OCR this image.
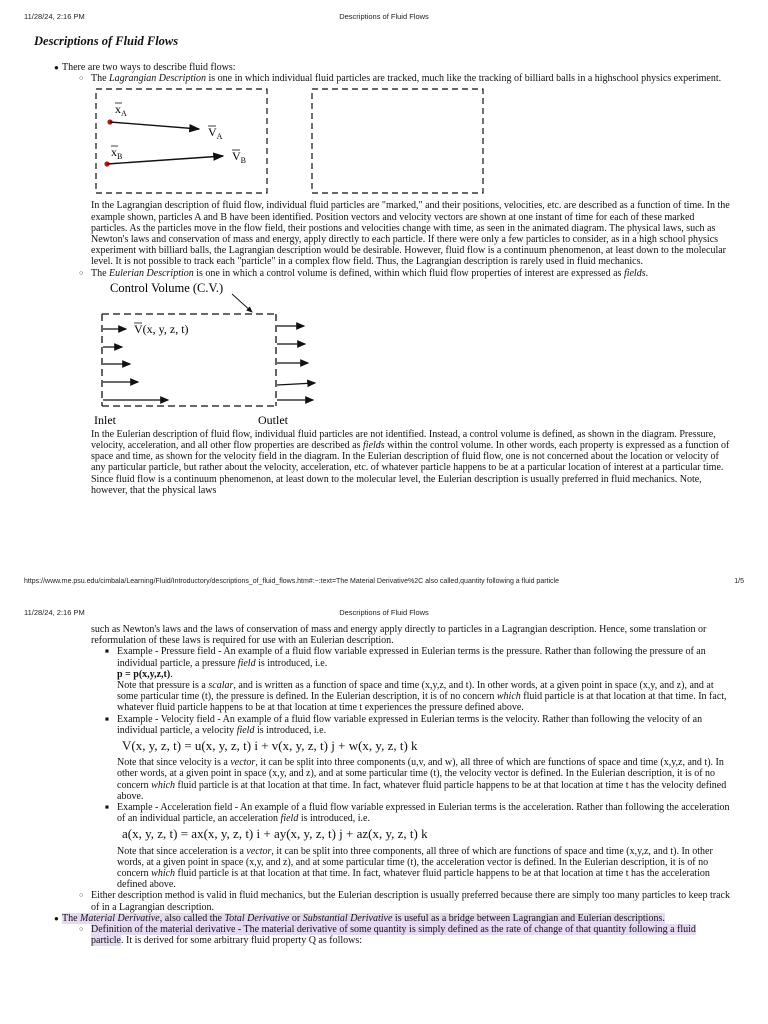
11/28/24, 2:16 PM	Descriptions of Fluid Flows
Descriptions of Fluid Flows
● There are two ways to describe fluid flows:
○ The Lagrangian Description is one in which individual fluid particles are tracked, much like the tracking of billiard balls in a highschool physics experiment.
$x_A$
$V_A$
$x_B$	$V_B$
In the Lagrangian description of fluid flow, individual fluid particles are "marked," and their positions, velocities, etc. are described as a function of time. In the example shown, particles A and B have been identified. Position vectors and velocity vectors are shown at one instant of time for each of these marked particles. As the particles move in the flow field, their postions and velocities change with time, as seen in the animated diagram. The physical laws, such as Newton's laws and conservation of mass and energy, apply directly to each particle. If there were only a few particles to consider, as in a high school physics experiment with billiard balls, the Lagrangian description would be desirable. However, fluid flow is a continuum phenomenon, at least down to the molecular level. It is not possible to track each "particle" in a complex flow field. Thus, the Lagrangian description is rarely used in fluid mechanics.
○ The Eulerian Description is one in which a control volume is defined, within which fluid flow properties of interest are expressed as fields.
Control Volume (C.V.)
V(x, y, z, t)
Inlet	Outlet
In the Eulerian description of fluid flow, individual fluid particles are not identified. Instead, a control volume is defined, as shown in the diagram. Pressure, velocity, acceleration, and all other flow properties are described as fields within the control volume. In other words, each property is expressed as a function of space and time, as shown for the velocity field in the diagram. In the Eulerian description of fluid flow, one is not concerned about the location or velocity of any particular particle, but rather about the velocity, acceleration, etc. of whatever particle happens to be at a particular location of interest at a particular time. Since fluid flow is a continuum phenomenon, at least down to the molecular level, the Eulerian description is usually preferred in fluid mechanics. Note, however, that the physical laws
https://www.me.psu.edu/cimbala/Learning/Fluid/Introductory/descriptions_of_fluid_flows.htm#:~:text=The Material Derivative%2C also called,quantity following a fluid particle	1/5
11/28/24, 2:16 PM	Descriptions of Fluid Flows
such as Newton's laws and the laws of conservation of mass and energy apply directly to particles in a Lagrangian description. Hence, some translation or reformulation of these laws is required for use with an Eulerian description.
■ Example - Pressure field - An example of a fluid flow variable expressed in Eulerian terms is the pressure. Rather than following the pressure of an individual particle, a pressure field is introduced, i.e.
p = p(x,y,z,t).
Note that pressure is a scalar, and is written as a function of space and time (x,y,z, and t). In other words, at a given point in space (x,y, and z), and at some particular time (t), the pressure is defined. In the Eulerian description, it is of no concern which fluid particle is at that location at that time. In fact, whatever fluid particle happens to be at that location at time t experiences the pressure defined above.
■ Example - Velocity field - An example of a fluid flow variable expressed in Eulerian terms is the velocity. Rather than following the velocity of an individual particle, a velocity field is introduced, i.e.
V(x, y, z, t) = u(x, y, z, t) i + v(x, y, z, t) j + w(x, y, z, t) k
Note that since velocity is a vector, it can be split into three components (u,v, and w), all three of which are functions of space and time (x,y,z, and t). In other words, at a given point in space (x,y, and z), and at some particular time (t), the velocity vector is defined. In the Eulerian description, it is of no concern which fluid particle is at that location at that time. In fact, whatever fluid particle happens to be at that location at time t has the velocity defined above.
■ Example - Acceleration field - An example of a fluid flow variable expressed in Eulerian terms is the acceleration. Rather than following the acceleration of an individual particle, an acceleration field is introduced, i.e.
a(x, y, z, t) = ax(x, y, z, t) i + ay(x, y, z, t) j + az(x, y, z, t) k
Note that since acceleration is a vector, it can be split into three components, all three of which are functions of space and time (x,y,z, and t). In other words, at a given point in space (x,y, and z), and at some particular time (t), the acceleration vector is defined. In the Eulerian description, it is of no concern which fluid particle is at that location at that time. In fact, whatever fluid particle happens to be at that location at time t has the acceleration defined above.
○ Either description method is valid in fluid mechanics, but the Eulerian description is usually preferred because there are simply too many particles to keep track of in a Lagrangian description.
● The Material Derivative, also called the Total Derivative or Substantial Derivative is useful as a bridge between Lagrangian and Eulerian descriptions.
○ Definition of the material derivative - The material derivative of some quantity is simply defined as the rate of change of that quantity following a fluid particle. It is derived for some arbitrary fluid property Q as follows:
